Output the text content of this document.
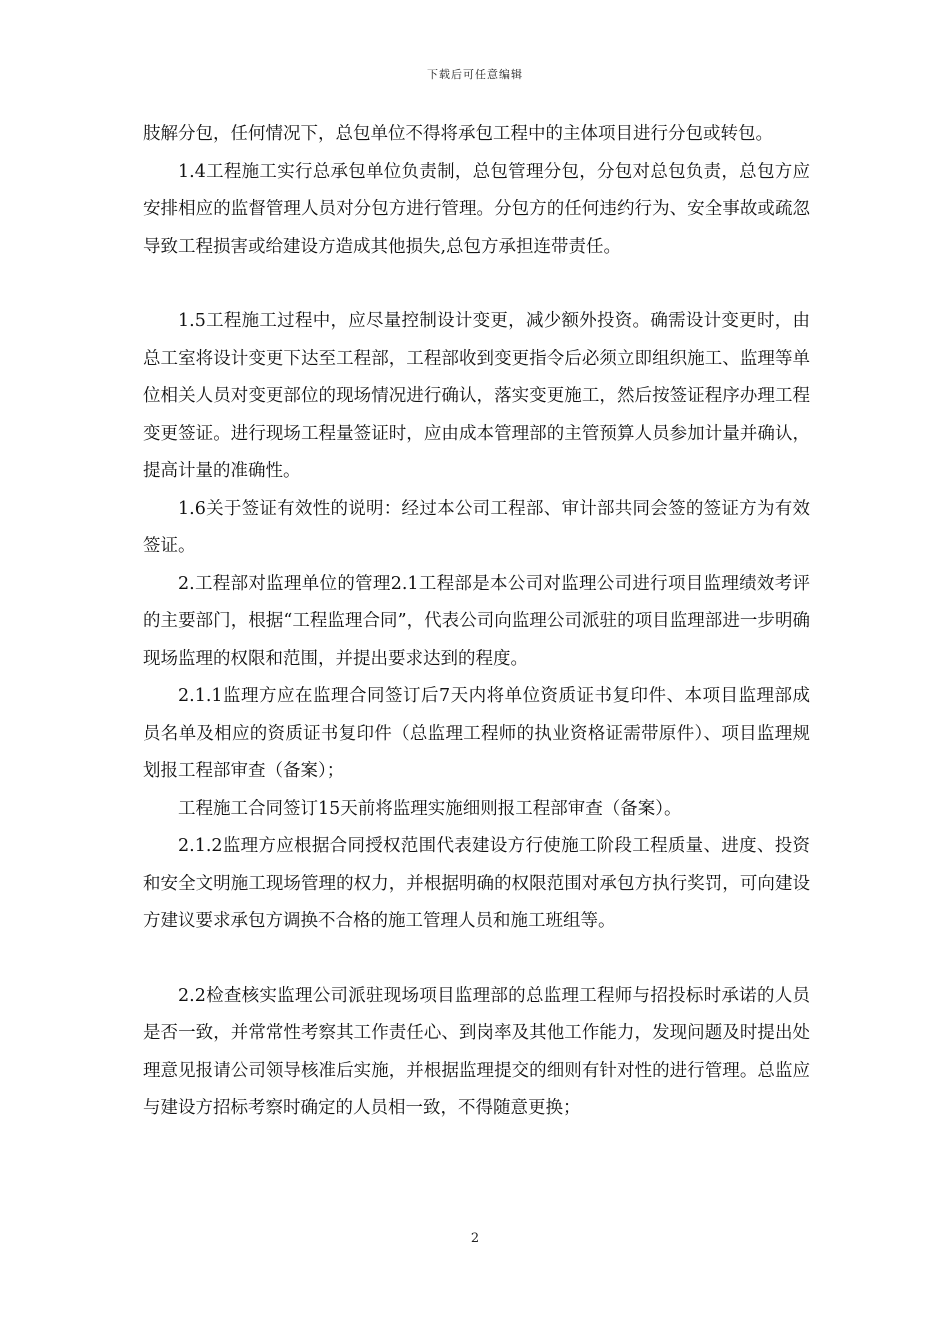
下载后可任意编辑

肢解分包，任何情况下，总包单位不得将承包工程中的主体项目进行分包或转包。

1.4工程施工实行总承包单位负责制，总包管理分包，分包对总包负责，总包方应安排相应的监督管理人员对分包方进行管理。分包方的任何违约行为、安全事故或疏忽导致工程损害或给建设方造成其他损失,总包方承担连带责任。

1.5工程施工过程中，应尽量控制设计变更，减少额外投资。确需设计变更时，由总工室将设计变更下达至工程部，工程部收到变更指令后必须立即组织施工、监理等单位相关人员对变更部位的现场情况进行确认，落实变更施工，然后按签证程序办理工程变更签证。进行现场工程量签证时，应由成本管理部的主管预算人员参加计量并确认，提高计量的准确性。

1.6关于签证有效性的说明：经过本公司工程部、审计部共同会签的签证方为有效签证。

2.工程部对监理单位的管理2.1工程部是本公司对监理公司进行项目监理绩效考评的主要部门，根据“工程监理合同”，代表公司向监理公司派驻的项目监理部进一步明确现场监理的权限和范围，并提出要求达到的程度。

2.1.1监理方应在监理合同签订后7天内将单位资质证书复印件、本项目监理部成员名单及相应的资质证书复印件（总监理工程师的执业资格证需带原件）、项目监理规划报工程部审查（备案）；

工程施工合同签订15天前将监理实施细则报工程部审查（备案）。

2.1.2监理方应根据合同授权范围代表建设方行使施工阶段工程质量、进度、投资和安全文明施工现场管理的权力，并根据明确的权限范围对承包方执行奖罚，可向建设方建议要求承包方调换不合格的施工管理人员和施工班组等。

2.2检查核实监理公司派驻现场项目监理部的总监理工程师与招投标时承诺的人员是否一致，并常常性考察其工作责任心、到岗率及其他工作能力，发现问题及时提出处理意见报请公司领导核准后实施，并根据监理提交的细则有针对性的进行管理。总监应与建设方招标考察时确定的人员相一致，不得随意更换；

2
